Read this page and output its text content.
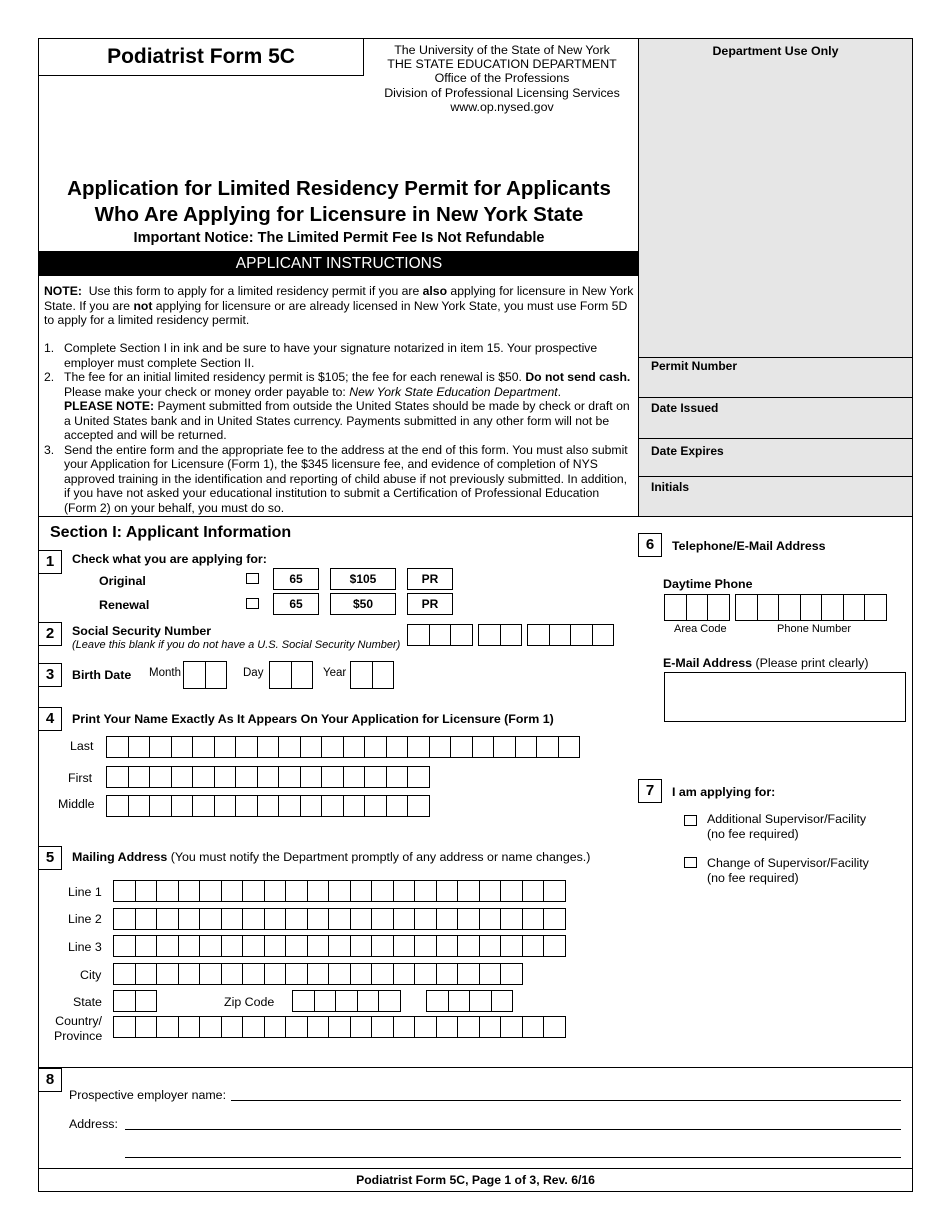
Department Use Only
Permit Number
Date Issued
Date Expires
Initials
Podiatrist Form 5C	The University of the State of New York
THE STATE EDUCATION DEPARTMENT
Office of the Professions
Division of Professional Licensing Services
www.op.nysed.gov
Application for Limited Residency Permit for Applicants
Who Are Applying for Licensure in New York State
Important Notice: The Limited Permit Fee Is Not Refundable
APPLICANT INSTRUCTIONS
NOTE: Use this form to apply for a limited residency permit if you are also applying for licensure in New York State. If you are not applying for licensure or are already licensed in New York State, you must use Form 5D to apply for a limited residency permit.
1. Complete Section I in ink and be sure to have your signature notarized in item 15. Your prospective employer must complete Section II.
2. The fee for an initial limited residency permit is $105; the fee for each renewal is $50. Do not send cash. Please make your check or money order payable to: New York State Education Department.
PLEASE NOTE: Payment submitted from outside the United States should be made by check or draft on a United States bank and in United States currency. Payments submitted in any other form will not be accepted and will be returned.
3. Send the entire form and the appropriate fee to the address at the end of this form. You must also submit your Application for Licensure (Form 1), the $345 licensure fee, and evidence of completion of NYS approved training in the identification and reporting of child abuse if not previously submitted. In addition, if you have not asked your educational institution to submit a Certification of Professional Education (Form 2) on your behalf, you must do so.
Section I: Applicant Information
1	Check what you are applying for:
Original	65	$105	PR
Renewal	65	$50	PR
2	Social Security Number
(Leave this blank if you do not have a U.S. Social Security Number)
3	Birth Date Month	Day	Year
4	Print Your Name Exactly As It Appears On Your Application for Licensure (Form 1)
Last
First
Middle
5	Mailing Address (You must notify the Department promptly of any address or name changes.)
Line 1
Line 2
Line 3
City
State	Zip Code
Country/
Province
6	Telephone/E-Mail Address
Daytime Phone
Area Code	Phone Number
E-Mail Address (Please print clearly)
7	I am applying for:
Additional Supervisor/Facility
(no fee required)
Change of Supervisor/Facility
(no fee required)
8
Prospective employer name:
Address:
Podiatrist Form 5C, Page 1 of 3, Rev. 6/16
